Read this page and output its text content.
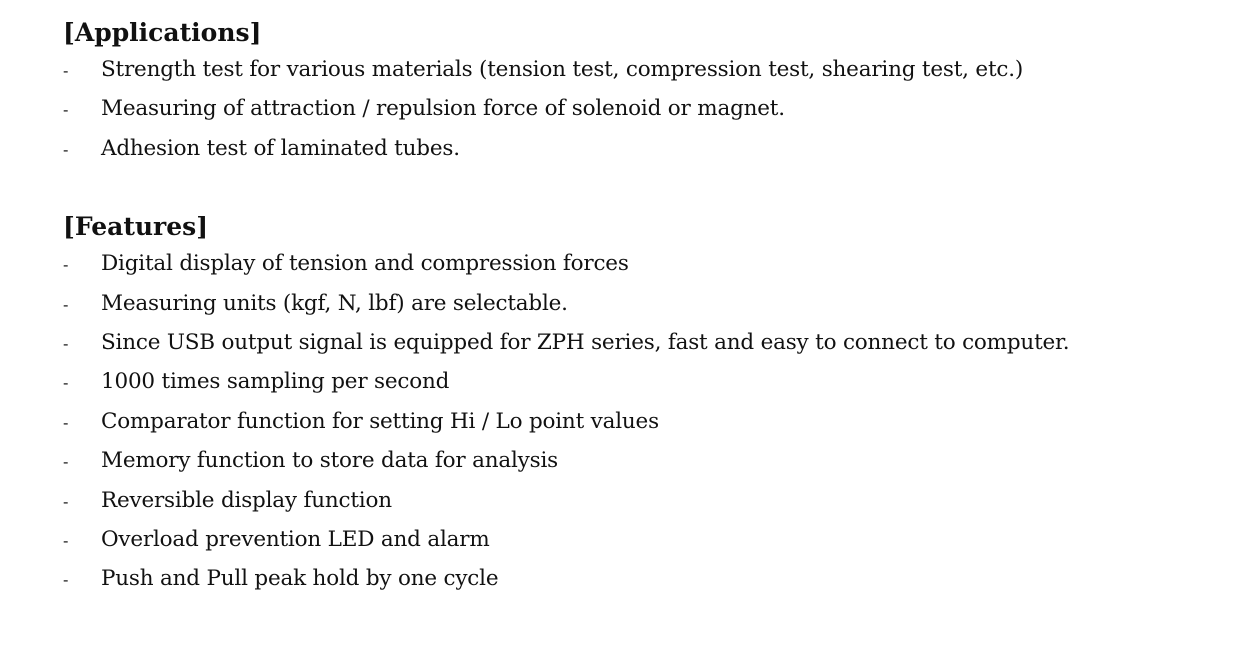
[Applications]
-	Strength test for various materials (tension test, compression test, shearing test, etc.)
-	Measuring of attraction / repulsion force of solenoid or magnet.
-	Adhesion test of laminated tubes.
[Features]
-	Digital display of tension and compression forces
-	Measuring units (kgf, N, lbf) are selectable.
-	Since USB output signal is equipped for ZPH series, fast and easy to connect to computer.
-	1000 times sampling per second
-	Comparator function for setting Hi / Lo point values
-	Memory function to store data for analysis
-	Reversible display function
-	Overload prevention LED and alarm
-	Push and Pull peak hold by one cycle
